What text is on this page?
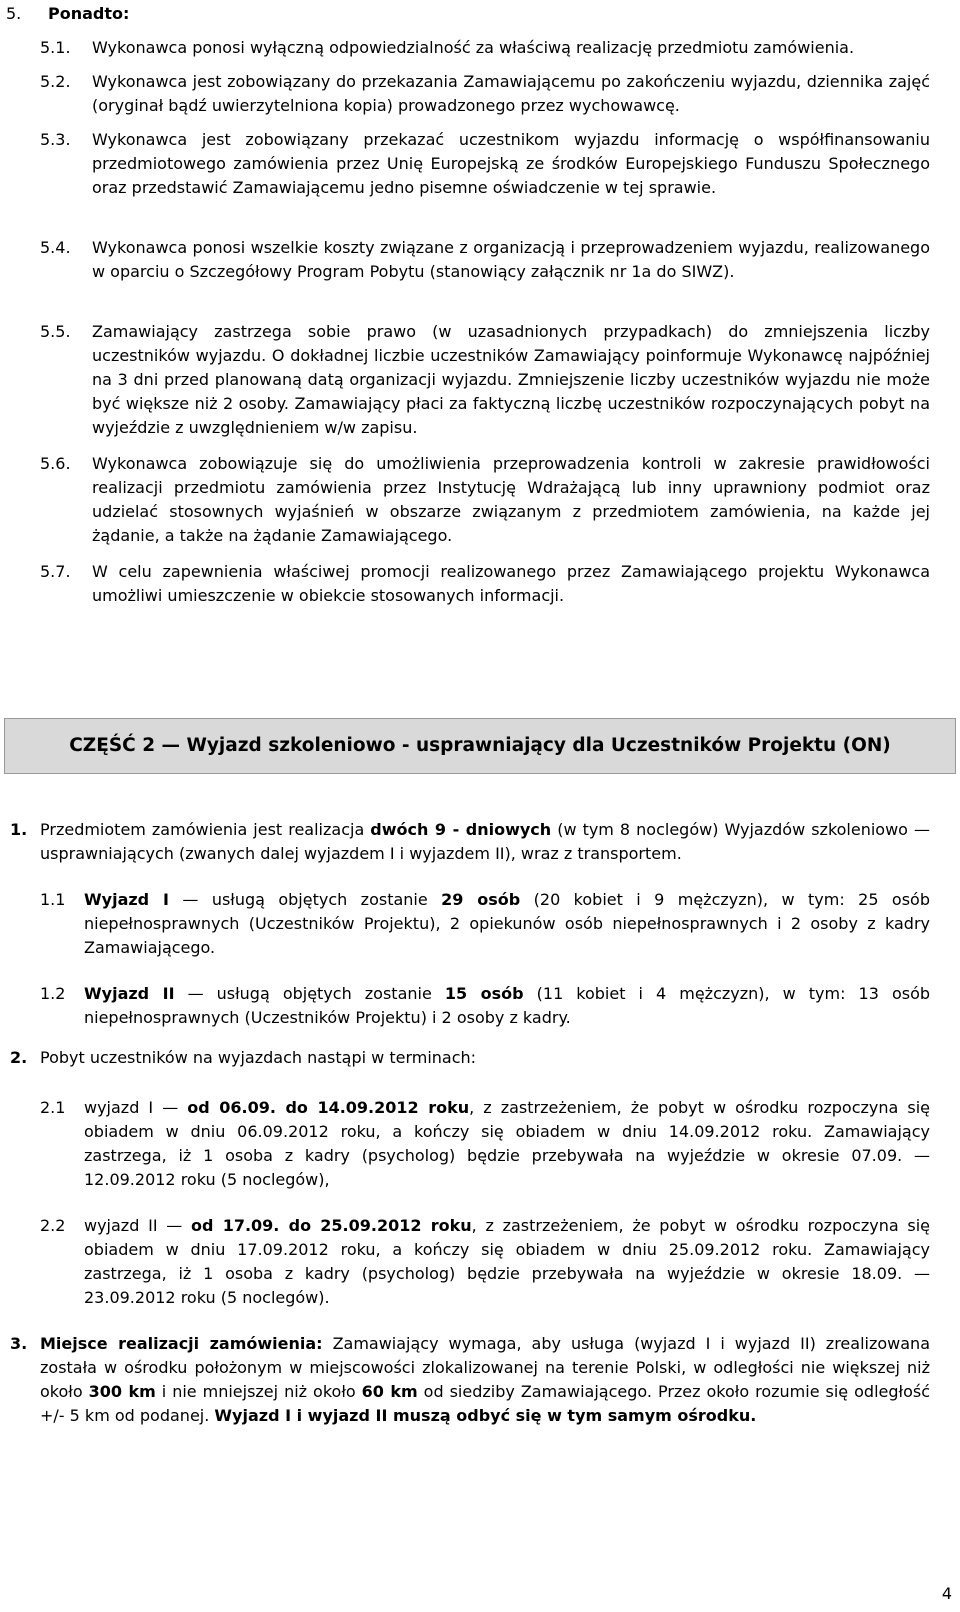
5. Ponadto:
5.1. Wykonawca ponosi wyłączną odpowiedzialność za właściwą realizację przedmiotu zamówienia.

5.2. Wykonawca jest zobowiązany do przekazania Zamawiającemu po zakończeniu wyjazdu, dziennika zajęć (oryginał bądź uwierzytelniona kopia) prowadzonego przez wychowawcę.

5.3. Wykonawca jest zobowiązany przekazać uczestnikom wyjazdu informację o współfinansowaniu przedmiotowego zamówienia przez Unię Europejską ze środków Europejskiego Funduszu Społecznego oraz przedstawić Zamawiającemu jedno pisemne oświadczenie w tej sprawie.

5.4. Wykonawca ponosi wszelkie koszty związane z organizacją i przeprowadzeniem wyjazdu, realizowanego w oparciu o Szczegółowy Program Pobytu (stanowiący załącznik nr 1a do SIWZ).

5.5. Zamawiający zastrzega sobie prawo (w uzasadnionych przypadkach) do zmniejszenia liczby uczestników wyjazdu. O dokładnej liczbie uczestników Zamawiający poinformuje Wykonawcę najpóźniej na 3 dni przed planowaną datą organizacji wyjazdu. Zmniejszenie liczby uczestników wyjazdu nie może być większe niż 2 osoby. Zamawiający płaci za faktyczną liczbę uczestników rozpoczynających pobyt na wyjeździe z uwzględnieniem w/w zapisu.

5.6. Wykonawca zobowiązuje się do umożliwienia przeprowadzenia kontroli w zakresie prawidłowości realizacji przedmiotu zamówienia przez Instytucję Wdrażającą lub inny uprawniony podmiot oraz udzielać stosownych wyjaśnień w obszarze związanym z przedmiotem zamówienia, na każde jej żądanie, a także na żądanie Zamawiającego.

5.7. W celu zapewnienia właściwej promocji realizowanego przez Zamawiającego projektu Wykonawca umożliwi umieszczenie w obiekcie stosowanych informacji.

CZĘŚĆ 2 — Wyjazd szkoleniowo - usprawniający dla Uczestników Projektu (ON)
1. Przedmiotem zamówienia jest realizacja dwóch 9 - dniowych (w tym 8 noclegów) Wyjazdów szkoleniowo — usprawniających (zwanych dalej wyjazdem I i wyjazdem II), wraz z transportem.

1.1 Wyjazd I — usługą objętych zostanie 29 osób (20 kobiet i 9 mężczyzn), w tym: 25 osób niepełnosprawnych (Uczestników Projektu), 2 opiekunów osób niepełnosprawnych i 2 osoby z kadry Zamawiającego.

1.2 Wyjazd II — usługą objętych zostanie 15 osób (11 kobiet i 4 mężczyzn), w tym: 13 osób niepełnosprawnych (Uczestników Projektu) i 2 osoby z kadry.

2. Pobyt uczestników na wyjazdach nastąpi w terminach:

2.1 wyjazd I — od 06.09. do 14.09.2012 roku, z zastrzeżeniem, że pobyt w ośrodku rozpoczyna się obiadem w dniu 06.09.2012 roku, a kończy się obiadem w dniu 14.09.2012 roku. Zamawiający zastrzega, iż 1 osoba z kadry (psycholog) będzie przebywała na wyjeździe w okresie 07.09. — 12.09.2012 roku (5 noclegów),

2.2 wyjazd II — od 17.09. do 25.09.2012 roku, z zastrzeżeniem, że pobyt w ośrodku rozpoczyna się obiadem w dniu 17.09.2012 roku, a kończy się obiadem w dniu 25.09.2012 roku. Zamawiający zastrzega, iż 1 osoba z kadry (psycholog) będzie przebywała na wyjeździe w okresie 18.09. — 23.09.2012 roku (5 noclegów).

3. Miejsce realizacji zamówienia: Zamawiający wymaga, aby usługa (wyjazd I i wyjazd II) zrealizowana została w ośrodku położonym w miejscowości zlokalizowanej na terenie Polski, w odległości nie większej niż około 300 km i nie mniejszej niż około 60 km od siedziby Zamawiającego. Przez około rozumie się odległość +/- 5 km od podanej. Wyjazd I i wyjazd II muszą odbyć się w tym samym ośrodku.

4
